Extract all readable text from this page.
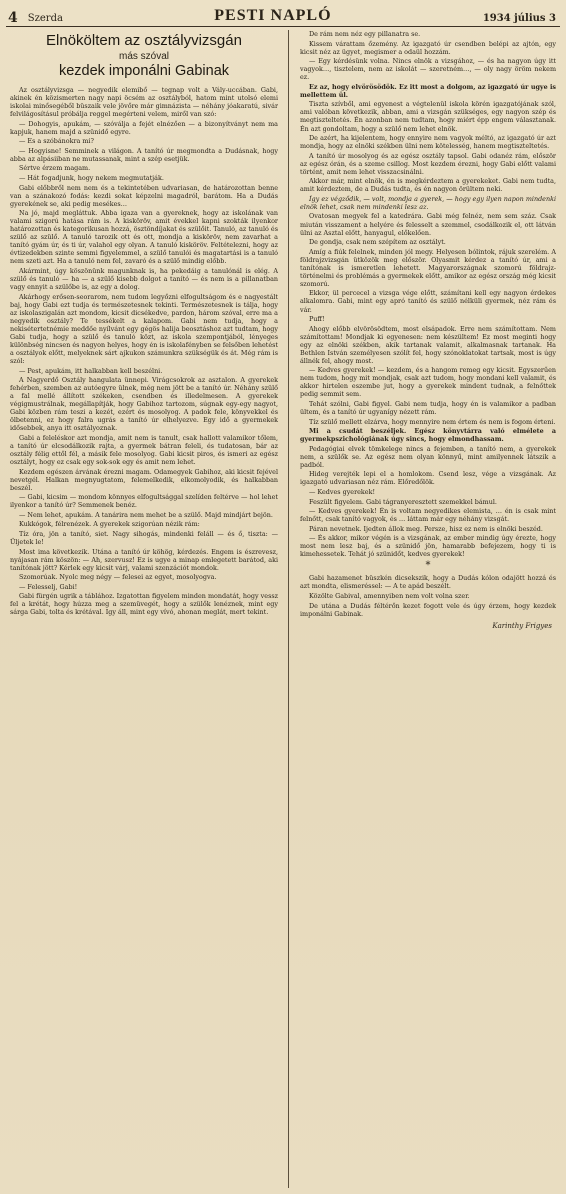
4 Szerda	PESTI NAPLÓ	1934 július 3
Elnököltem az osztályvizsgán
más szóval
kezdek imponálni Gabinak

Az osztályvizsga — negyedik elemibő — tegnap volt a Vály-uccában. Gabi, akinek én közismerten nagy napi öcsém az osztályból, hatom mint utolsó elemi iskolai minősegéből büszaik vele jövőre már gimnázista — néhány jóakaratú, sivár felvilágosításul próbálja reggel megérteni velem, miről van szó:

— Dohogyis, apukám, — szóválja a fejét elnézően — a bizonyítványt nem ma kapjuk, hanem majd a szünidő egyre.

— Es a szóbánokra mi?

— Hogyisne! Semminek a világon. A tanító úr megmondta a Dudásnak, hogy abba az alpásiiban ne mutassanak, mint a szép esetjük.

Sértve érzem magam.

— Hát fogadjunk, hogy nekem megmutatják.

Gabi előbbről nem nem és a tekintetében udvariasan, de határozottan benne van a szánakozó fodás: kezdi sokat képzelni magadról, barátom. Ha a Dudás gyerekének se, aki pedig mesékes…

Na jó, majd megláttuk. Abba igaza van a gyereknek, hogy az iskolának van valami szigorú hatása rám is. A kisköröv, amit évekkel kapni szokták ilyenkor határozottan és kategorikusan hozzá, ösztöndíjakat és szülőit. Tanuló, az tanuló és szülő az szülő. A tanuló tarozik ott és ott, mondja a kisköröv, nem zavarhat a tanító gyám úr, és ti úr, valahol egy olyan. A tanuló kisköröv. Feltételezni, hogy az évtizedekben szinte semmi figyelemmel, a szülő tanulói és magatartási is a tanuló nem szeti azt. Ha a tanuló nem fel, zavaró és a szülő mindig előbb.

Akármint, úgy köszönünk magunknak is, ha pekedáig a tanulónál is elég. A szülő és tanuló — ha — a szülő kisebb dolgot a tanító — és nem is a pillanatban vagy ennyit a szülőbe is, az egy a dolog.

Akárhogy erősen-seorarom, nem tudom legyőzni elfogultságom és e nagyestált baj, hogy Gabi ezt tudja és természetesnek tekinti. Természetesnek is tálja, hogy az iskolaszigalán azt mondom, kicsit dicsékedve, pardon, három szóval, erre ma a negyedik osztály? Te tessékelt a kalapom. Gabi nem tudja, hogy a nekisétertetnémie meddőe nyílvánt egy gégös halija beosztáshoz azt tudtam, hogy Gabi tudja, hogy a szülő és tanuló közt, az iskola szempontjából, lényeges különbség nincsen és nagyon helyes, hogy én is iskolafényben se felsőben lehetést a osztályok előtt, melyeknek sárt ajkukon számunkra szükségük és át. Még rám is szól:

— Pest, apukám, itt halkabban kell beszélni.

A Nagyerdő Osztály hangulata ünnepi. Virágcsokrok az asztalon. A gyerekek fehérben, szemben az autóegyre ülnek, még nem jött be a tanító úr. Néhány szülő a fal mellé állított székeken, csendben és illedelmesen. A gyerekek végigmustrálnak, megállapítják, hogy Gabihoz tartozom, súgnak egy-egy nagyot, Gabi közben rám teszi a kezét, ezért és mosolyog. A padok fele, könyvekkel és ölbetenni, ez hogy falra ugrás a tanító úr elhelyezve. Egy idő a gyermekek idősebbek, anya itt osztályoznak.

Gabi a feleléskor azt mondja, amit nem is tanult, csak hallott valamikor tőlem, a tanító úr elcsodálkozik rajta, a gyermek bátran feleli, és tudatosan, bár az osztály félig ettől fél, a másik fele mosolyog. Gabi kicsit piros, és ismeri az egész osztályt, hogy ez csak egy sok-sok egy és amit nem lehet.

Kezdem egészen árvának érezni magam. Odamegyek Gabihoz, aki kicsit fejével nevetgél. Halkan megnyugtatom, felemelkedik, elkomolyodik, és halkabban beszél.

— Gabi, kicsim — mondom könnyes elfogultsággal szelíden feltérve — hol lehet ilyenkor a tanító úr? Semmenek benéz.

— Nem lehet, apukám. A tanárira nem mehet be a szülő. Majd mindjárt bejön.

Kukkógok, félrenézek. A gyerekek szigorúan nézik rám:

Tíz óra, jön a tanító, siet. Nagy sihogás, mindenki feláll — és ő, tiszta: — Üljetek le!

Most ima következik. Utána a tanító úr köhög, kérdezés. Engem is észrevesz, nyájasan rám köszön: — Ah, szervusz! Ez is ugye a minap emlegetett barátod, aki tanítónak jött? Kérlek egy kicsit várj, valami szenzációt mondok.

Szomorúak. Nyolc meg négy — felesei az egyet, mosolyogva.

— Felesselj, Gabi!

Gabi fürgén ugrik a táblához. Izgatottan figyelem minden mondatát, hogy vessz fel a krétát, hogy húzza meg a szemüvegét, hogy a szülők lenéznek, mint egy sárga Gabi, tolta és krétával. Igy áll, mint egy vívó, ahonan meglát, mert tekint.

De rám nem néz egy pillanatra se.

Kissem várattam őzemény. Az igazgató úr csendben belépi az ajtón, egy kicsit néz az ügyet, megismer a odaül hozzám.

— Egy kérdésünk volna. Nincs elnök a vizsgához, — és ha nagyon úgy itt vagyok…, tisztelem, nem az iskolát — szeretném…, — oly nagy öröm nekem ez.

Ez az, hogy elvörösödök. Ez itt most a dolgom, az igazgató úr ugye is mellettem ül.

Tiszta szívből, ami egyenest a végtelenül iskola körén igazgatójának szól, ami valóban következik, abban, ami a vizsgán szükséges, egy nagyon szép és megtiszteltetés. Én azonban nem tudtam, hogy miért épp engem választanak. Én azt gondoltam, hogy a szülő nem lehet elnök.

De azért, ha kijelentem, hogy ennyire nem vagyok méltó, az igazgató úr azt mondja, hogy az elnöki székben ülni nem kötelesség, hanem megtiszteltetés.

A tanító úr mosolyog és az egész osztály tapsol. Gabi odanéz rám, először az egész órán, és a szeme csillog. Most kezdem érezni, hogy Gabi előtt valami történt, amit nem lehet visszacsinálni.

Akkor már, mint elnök, én is megkérdeztem a gyerekeket. Gabi nem tudta, amit kérdeztem, de a Dudás tudta, és én nagyon örültem neki.

Így ez végződik, — volt, mondja a gyerek, — hogy egy ilyen napon mindenki elnök lehet, csak nem mindenki lesz az.

Ovatosan megyek fel a katedrára. Gabi még felnéz, nem sem száz. Csak miután visszament a helyére és felesselt a szemmel, csodálkozik el, ott látván ülni az Asztal előtt, hanyagul, előkelően.

De gondja, csak nem szépítem az osztályt.

Amíg a fiúk felelnek, minden jól megy. Helyesen bólintok, rájuk szerelém. A földrajzvizsgán ütközök meg először. Olyasmit kérdez a tanító úr, ami a tanítónak is ismeretlen lehetett. Magyarországnak szomorú földrajz-történelmi és problémás a gyermekek előtt, amikor az egész ország még kicsit szomorú.

Ekkor, ül percecel a vizsga vége előtt, számítani kell egy nagyon érdekes alkalomra. Gabi, mint egy apró tanító és szülő nélküli gyermek, néz rám és vár.

Puff!

Ahogy előbb elvörösödtem, most elsápadok. Erre nem számítottam. Nem számítottam! Mondjak ki egyenesen: nem készültem! Ez most meginti hogy egy az elnöki székben, akik tartanak valamit, alkalmasnak tartanak. Ha Bethlen István személyesen szólít fel, hogy szónoklatokat tartsak, most is úgy állnék fel, ahogy most.

— Kedves gyerekek! — kezdem, és a hangom remeg egy kicsit. Egyszerűen nem tudom, hogy mit mondjak, csak azt tudom, hogy mondani kell valamit, és akkor hirtelen eszembe jut, hogy a gyerekek mindent tudnak, a felnőttek pedig semmit sem.

Tehát szólni, Gabi figyel. Gabi nem tudja, hogy én is valamikor a padban ültem, és a tanító úr ugyanígy nézett rám.

Tíz szülő mellett elzárva, hogy mennyire nem értem és nem is fogom érteni.

Mi a csudát beszéljek. Egész könyvtárra való elmélete a gyermekpszichológiának úgy sincs, hogy elmondhassam.

Pedagógiai elvek tömkelege nincs a fejemben, a tanító nem, a gyerekek nem, a szülők se. Az egész nem olyan könnyű, mint amilyennek látszik a padból.

Hideg verejték lepi el a homlokom. Csend lesz, vége a vizsgának. Az igazgató udvariasan néz rám. Előredőlök.

— Kedves gyerekek!

Feszült figyelem. Gabi tágranyeresztett szemekkel bámul.

— Kedves gyerekek! Én is voltam negyedikes elemista, … én is csak mint felnőtt, csak tanító vagyok, és … láttam már egy néhány vizsgát.

Páran nevetnek. Ijedten állok meg. Persze, hisz ez nem is elnöki beszéd.

— És akkor, mikor végén is a vizsgának, az ember mindig úgy érezte, hogy most nem lesz baj, és a szünidő jön, hamarabb befejezem, hogy ti is kimehessetek. Tehát jó szünidőt, kedves gyerekek!

*

Gabi hazamenet büszkén dicsekszik, hogy a Dudás kólon odajött hozzá és azt mondta, elismeréssel: — A te apád beszélt.

Közölte Gabival, amennyiben nem volt volna szer.

De utána a Dudás féltérőn kezet fogott vele és úgy érzem, hogy kezdek imponálni Gabinak.

Karinthy Frigyes
